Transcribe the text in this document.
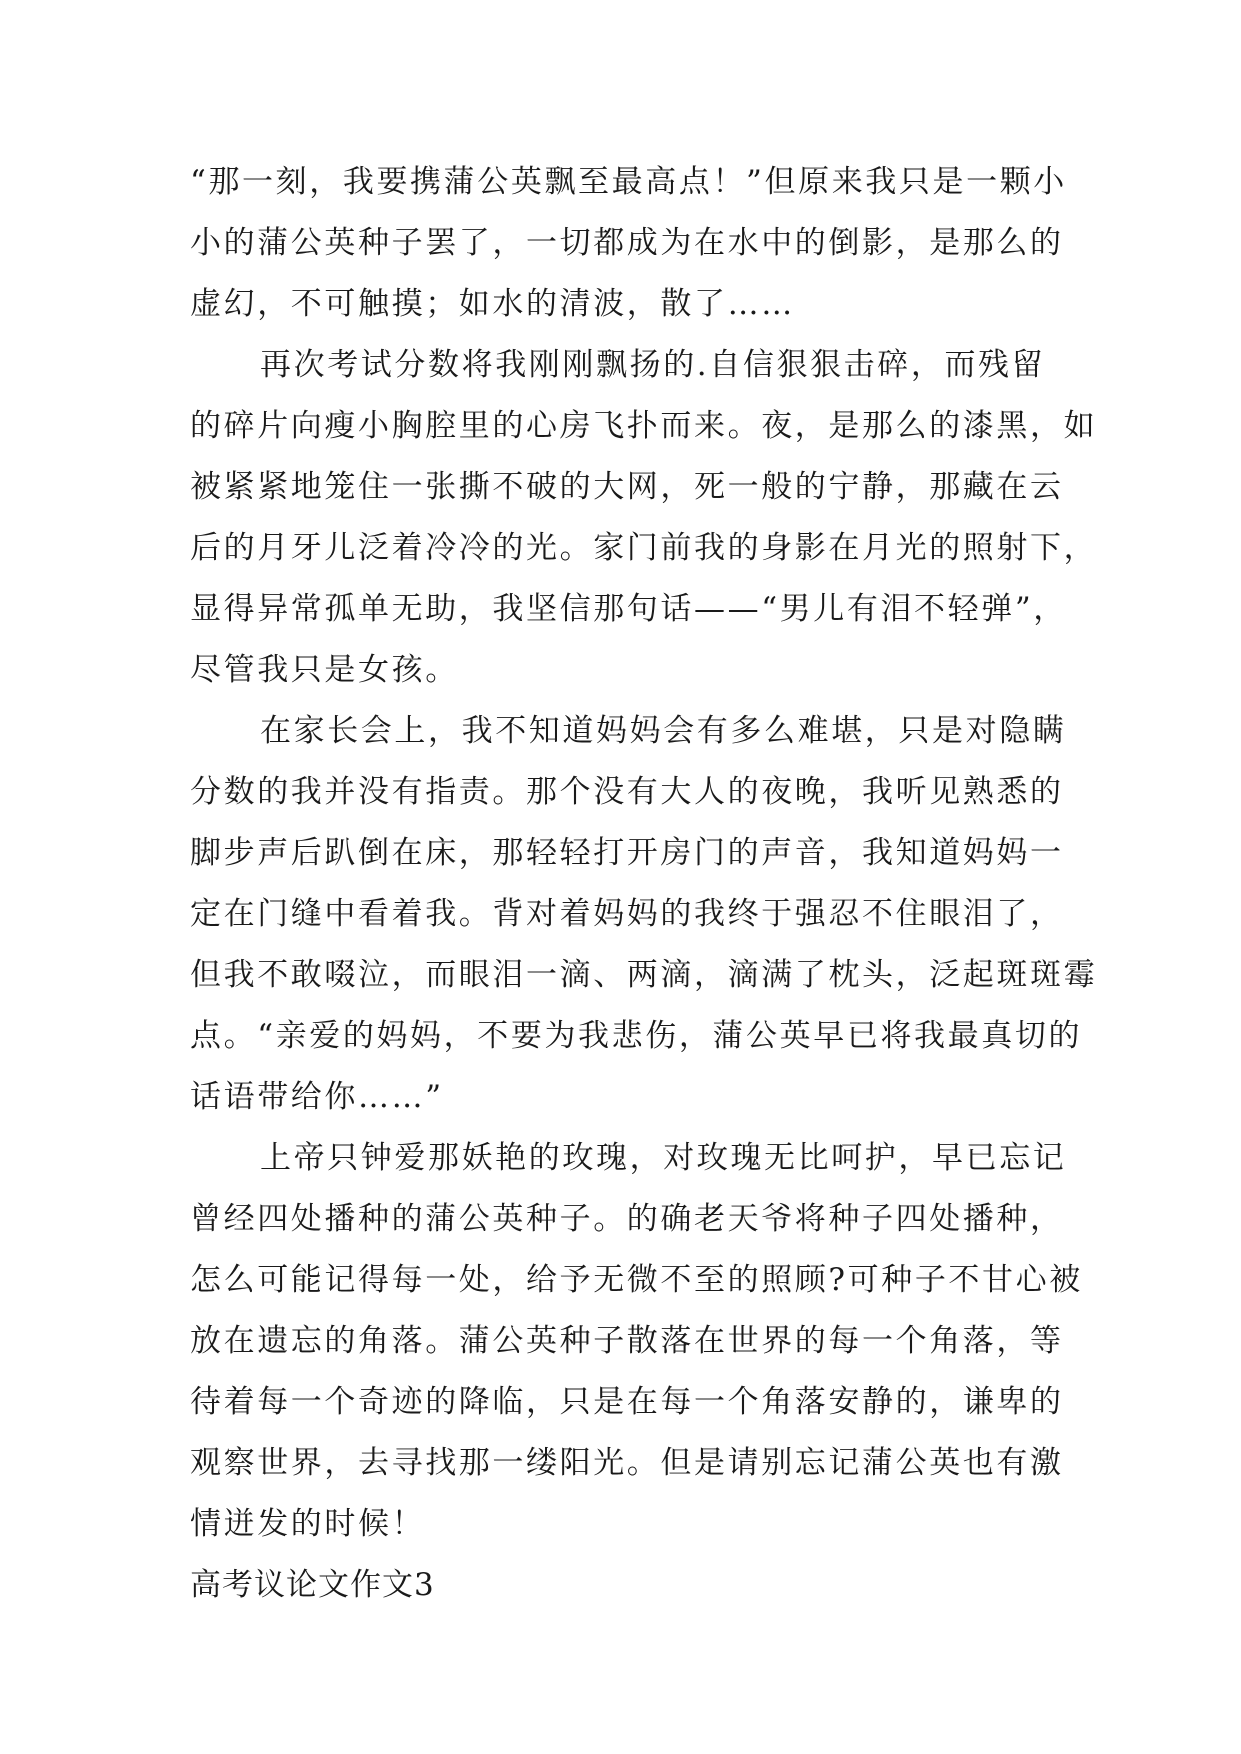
“那一刻，我要携蒲公英飘至最高点！”但原来我只是一颗小
小的蒲公英种子罢了，一切都成为在水中的倒影，是那么的
虚幻，不可触摸；如水的清波，散了……

再次考试分数将我刚刚飘扬的.自信狠狠击碎，而残留
的碎片向瘦小胸腔里的心房飞扑而来。夜，是那么的漆黑，如
被紧紧地笼住一张撕不破的大网，死一般的宁静，那藏在云
后的月牙儿泛着冷冷的光。家门前我的身影在月光的照射下，
显得异常孤单无助，我坚信那句话——“男儿有泪不轻弹”，
尽管我只是女孩。

在家长会上，我不知道妈妈会有多么难堪，只是对隐瞒
分数的我并没有指责。那个没有大人的夜晚，我听见熟悉的
脚步声后趴倒在床，那轻轻打开房门的声音，我知道妈妈一
定在门缝中看着我。背对着妈妈的我终于强忍不住眼泪了，
但我不敢啜泣，而眼泪一滴、两滴，滴满了枕头，泛起斑斑霉
点。“亲爱的妈妈，不要为我悲伤，蒲公英早已将我最真切的
话语带给你……”

上帝只钟爱那妖艳的玫瑰，对玫瑰无比呵护，早已忘记
曾经四处播种的蒲公英种子。的确老天爷将种子四处播种，
怎么可能记得每一处，给予无微不至的照顾?可种子不甘心被
放在遗忘的角落。蒲公英种子散落在世界的每一个角落，等
待着每一个奇迹的降临，只是在每一个角落安静的，谦卑的
观察世界，去寻找那一缕阳光。但是请别忘记蒲公英也有激
情迸发的时候！

高考议论文作文3
